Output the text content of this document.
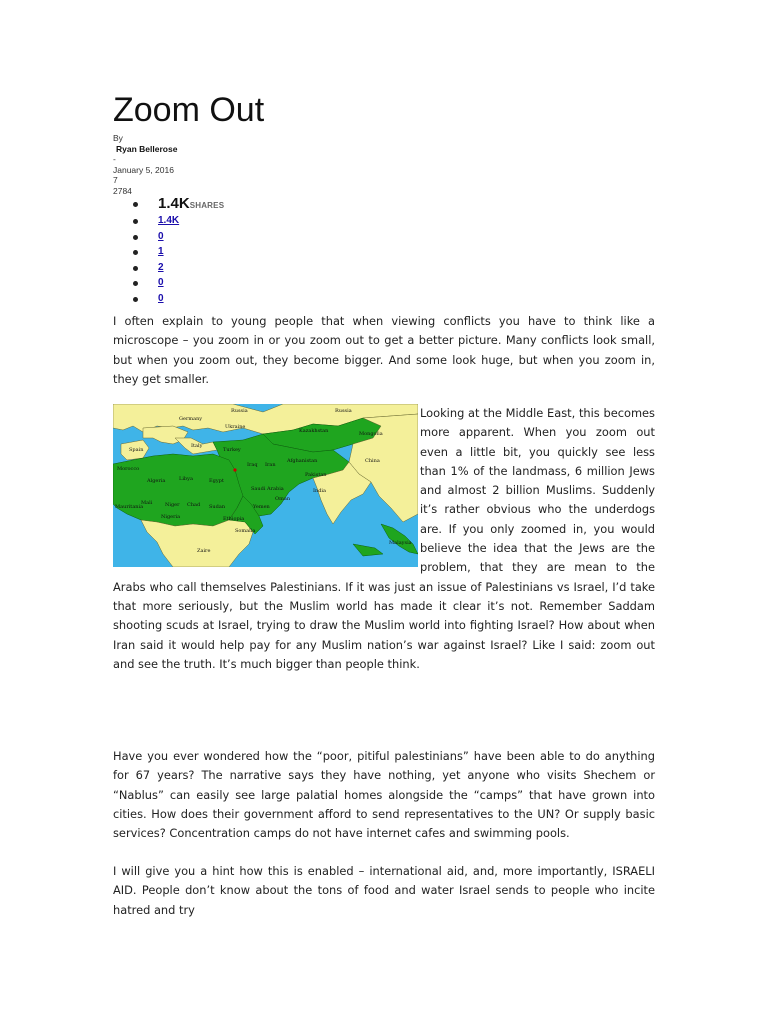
Zoom Out
By
Ryan Bellerose
-
January 5, 2016
7
2784
1.4KSHARES
1.4K
0
1
2
0
0

I often explain to young people that when viewing conflicts you have to think like a microscope – you zoom in or you zoom out to get a better picture. Many conflicts look small, but when you zoom out, they become bigger. And some look huge, but when you zoom in, they get smaller.

Russia	Russia
Germany
Ukraine
Kazakhstan	Mongolia
Spain
Italy
Turkey
Afghanistan	China
Morocco
Algeria	Libya	Egypt
Iran
Iraq
Pakistan
India
Saudi Arabia
Oman
Mali	Niger Chad Sudan
Nigeria
Somalia
Zaire
Malaysia
Mauritania	Yemen
Ethiopia
Looking at the Middle East, this becomes more apparent. When you zoom out even a little bit, you quickly see less than 1% of the landmass, 6 million Jews and almost 2 billion Muslims. Suddenly it’s rather obvious who the underdogs are. If you only zoomed in, you would believe the idea that the Jews are the problem, that they are mean to the Arabs who call themselves Palestinians. If it was just an issue of Palestinians vs Israel, I’d take that more seriously, but the Muslim world has made it clear it’s not. Remember Saddam shooting scuds at Israel, trying to draw the Muslim world into fighting Israel? How about when Iran said it would help pay for any Muslim nation’s war against Israel? Like I said: zoom out and see the truth. It’s much bigger than people think.

Have you ever wondered how the “poor, pitiful palestinians” have been able to do anything for 67 years? The narrative says they have nothing, yet anyone who visits Shechem or “Nablus” can easily see large palatial homes alongside the “camps” that have grown into cities. How does their government afford to send representatives to the UN? Or supply basic services? Concentration camps do not have internet cafes and swimming pools.

I will give you a hint how this is enabled – international aid, and, more importantly, ISRAELI AID. People don’t know about the tons of food and water Israel sends to people who incite hatred and try
